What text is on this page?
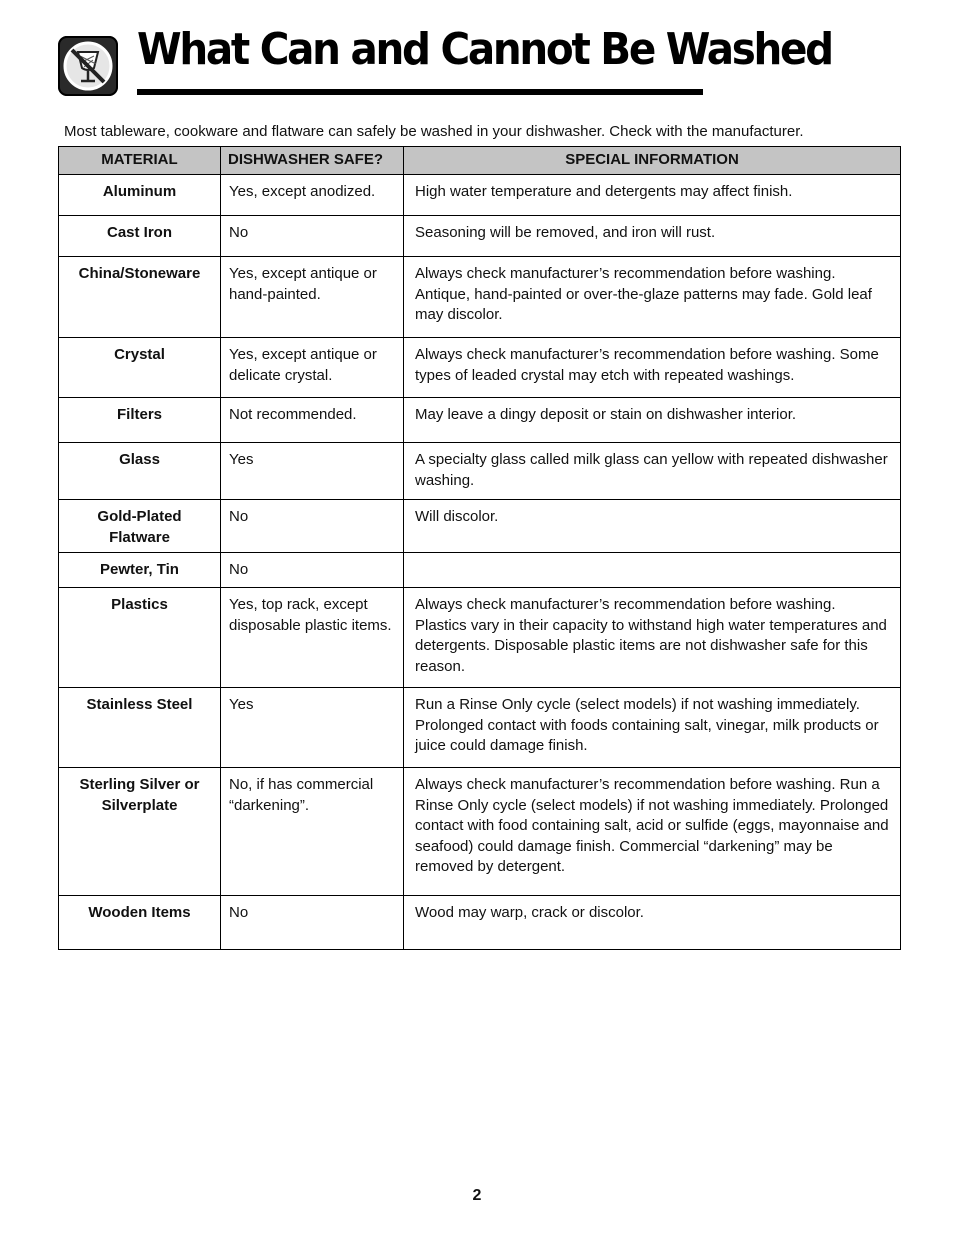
What Can and Cannot Be Washed
Most tableware, cookware and flatware can safely be washed in your dishwasher. Check with the manufacturer.
MATERIAL	DISHWASHER SAFE?	SPECIAL INFORMATION
Aluminum	Yes, except anodized.	High water temperature and detergents may affect finish.
Cast Iron	No	Seasoning will be removed, and iron will rust.
China/Stoneware	Yes, except antique or hand-painted.	Always check manufacturer’s recommendation before washing. Antique, hand-painted or over-the-glaze patterns may fade. Gold leaf may discolor.
Crystal	Yes, except antique or delicate crystal.	Always check manufacturer’s recommendation before washing. Some types of leaded crystal may etch with repeated washings.
Filters	Not recommended.	May leave a dingy deposit or stain on dishwasher interior.
Glass	Yes	A specialty glass called milk glass can yellow with repeated dishwasher washing.
Gold-Plated Flatware	No	Will discolor.
Pewter, Tin	No	
Plastics	Yes, top rack, except disposable plastic items.	Always check manufacturer’s recommendation before washing. Plastics vary in their capacity to withstand high water temperatures and detergents. Disposable plastic items are not dishwasher safe for this reason.
Stainless Steel	Yes	Run a Rinse Only cycle (select models) if not washing immediately. Prolonged contact with foods containing salt, vinegar, milk products or juice could damage finish.
Sterling Silver or Silverplate	No, if has commercial “darkening”.	Always check manufacturer’s recommendation before washing. Run a Rinse Only cycle (select models) if not washing immediately. Prolonged contact with food containing salt, acid or sulfide (eggs, mayonnaise and seafood) could damage finish. Commercial “darkening” may be removed by detergent.
Wooden Items	No	Wood may warp, crack or discolor.
2
